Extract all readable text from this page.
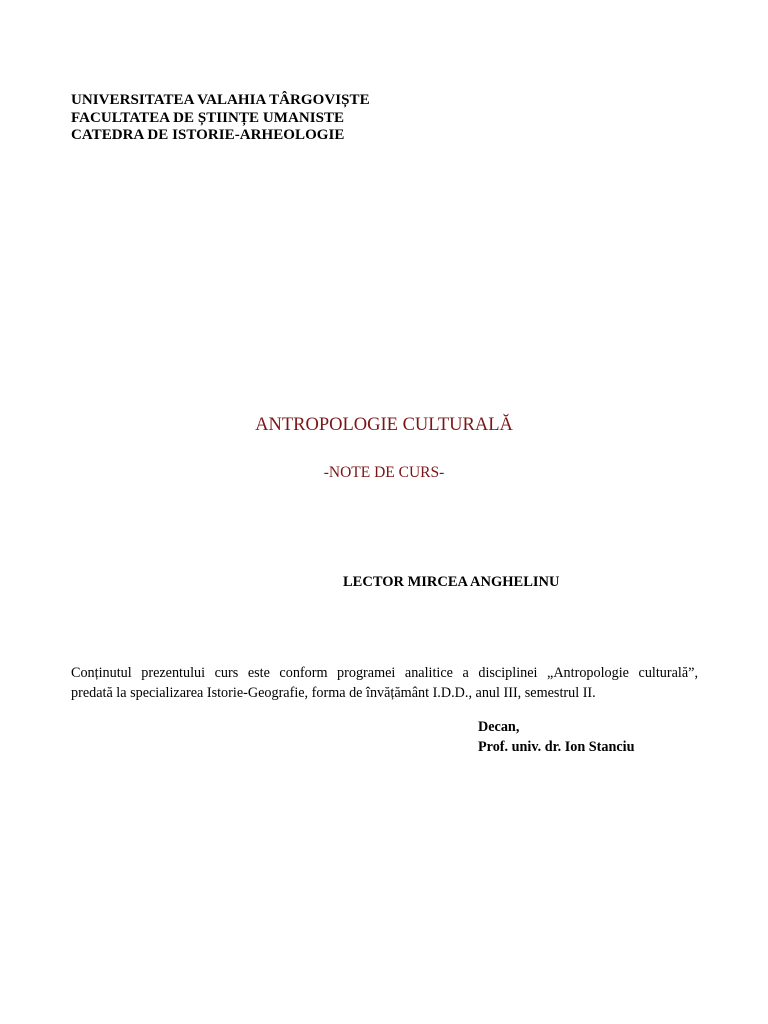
UNIVERSITATEA VALAHIA TÂRGOVIȘTE
FACULTATEA DE ȘTIINȚE UMANISTE
CATEDRA DE ISTORIE-ARHEOLOGIE
ANTROPOLOGIE CULTURALĂ
-NOTE DE CURS-
LECTOR MIRCEA ANGHELINU
Conținutul prezentului curs este conform programei analitice a disciplinei „Antropologie culturală”,
predată la specializarea Istorie-Geografie, forma de învățământ I.D.D., anul III, semestrul II.
Decan,
Prof. univ. dr. Ion Stanciu
